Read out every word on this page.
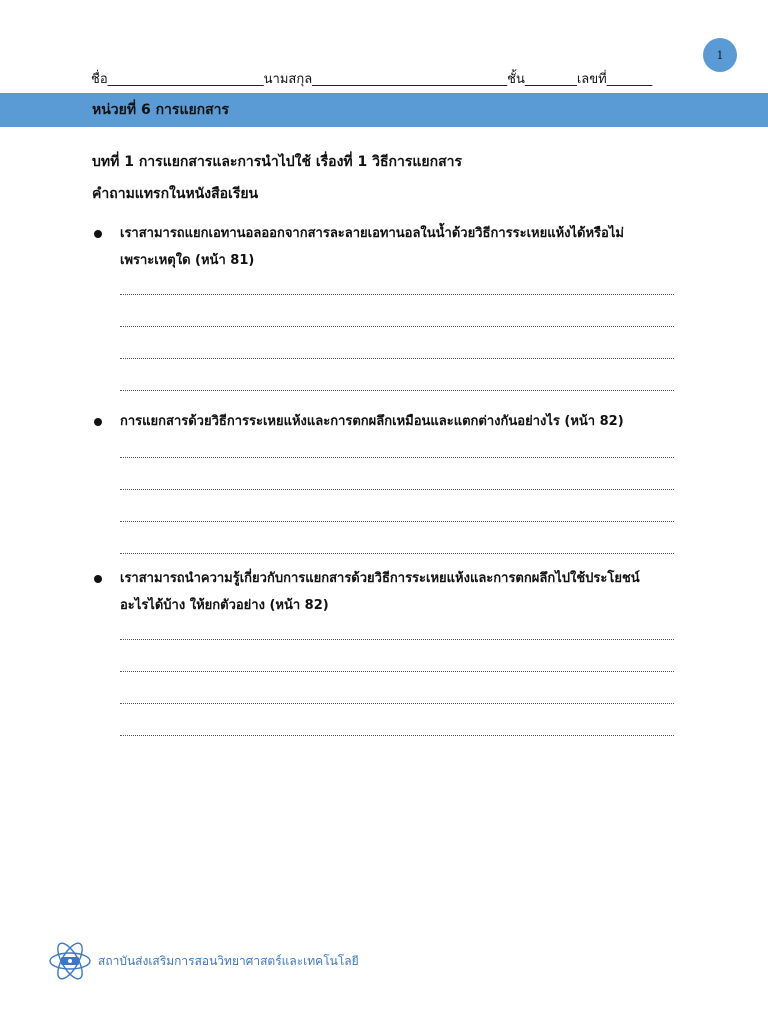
1
ชื่อ________________________นามสกุล______________________________ชั้น________เลขที่_______
หน่วยที่ 6 การแยกสาร
บทที่ 1 การแยกสารและการนำไปใช้ เรื่องที่ 1 วิธีการแยกสาร
คำถามแทรกในหนังสือเรียน
เราสามารถแยกเอทานอลออกจากสารละลายเอทานอลในน้ำด้วยวิธีการระเหยแห้งได้หรือไม่
เพราะเหตุใด (หน้า 81)
การแยกสารด้วยวิธีการระเหยแห้งและการตกผลึกเหมือนและแตกต่างกันอย่างไร (หน้า 82)
เราสามารถนำความรู้เกี่ยวกับการแยกสารด้วยวิธีการระเหยแห้งและการตกผลึกไปใช้ประโยชน์
อะไรได้บ้าง ให้ยกตัวอย่าง (หน้า 82)
สถาบันส่งเสริมการสอนวิทยาศาสตร์และเทคโนโลยี
